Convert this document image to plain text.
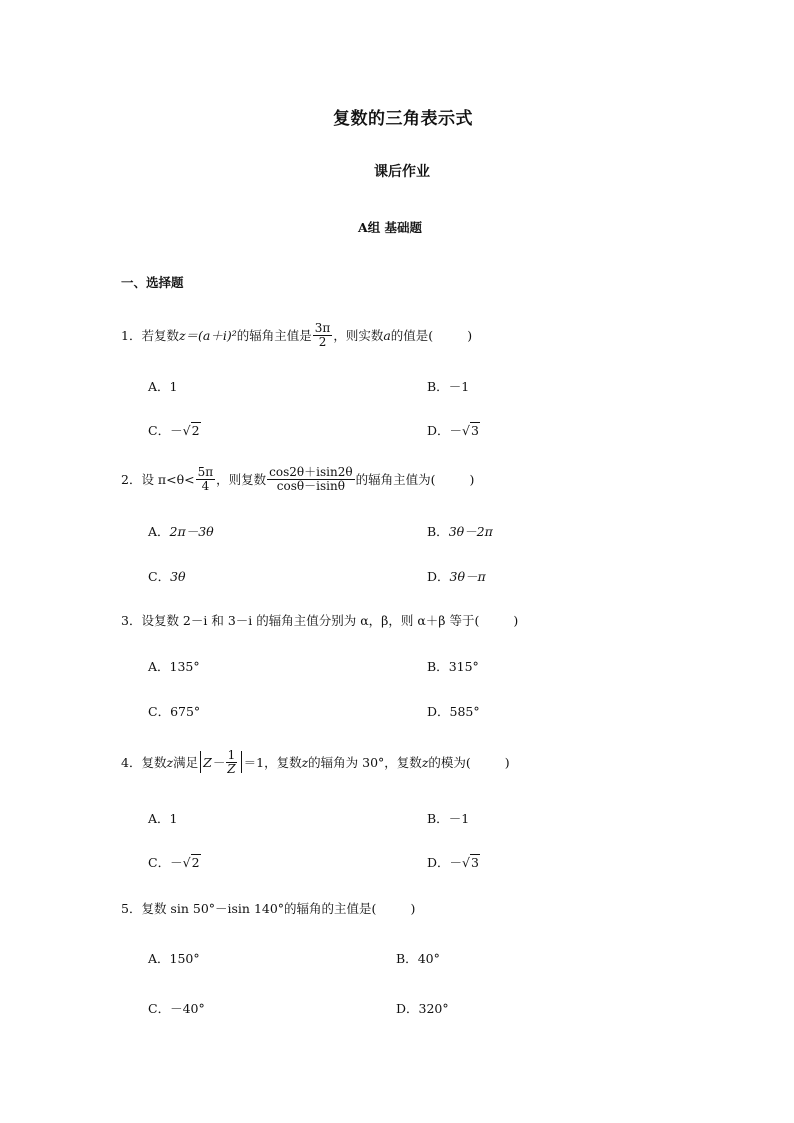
复数的三角表示式
课后作业
A组 基础题
一、选择题
1． 若复数 z＝(a＋i)² 的辐角主值是 $\frac{3\pi}{2}$ ，则实数 a 的值是(	)
A．1	B．－1
C．－√2	D．－√3
2． 设 $\pi<\theta< \frac{5\pi}{4}$ ，则复数 $\frac{\cos 2\theta+isin2\theta}{\cos\theta-isin\theta}$ 的辐角主值为(	)
A．2π－3θ	B．3θ－2π
C．3θ	D．3θ－π
3．设复数 2－i 和 3－i 的辐角主值分别为 α，β，则 α＋β 等于(	)
A．135°	B．315°
C．675°	D．585°
4． 复数 z 满足 $Z- \frac{1}{Z} =1$ ，复数 z 的辐角为 30°，复数 z 的模为(	)
A．1	B．－1
C．－√2	D．－√3
5．复数 sin 50°－isin 140°的辐角的主值是(	)
A．150°	B．40°
C．－40°	D．320°
